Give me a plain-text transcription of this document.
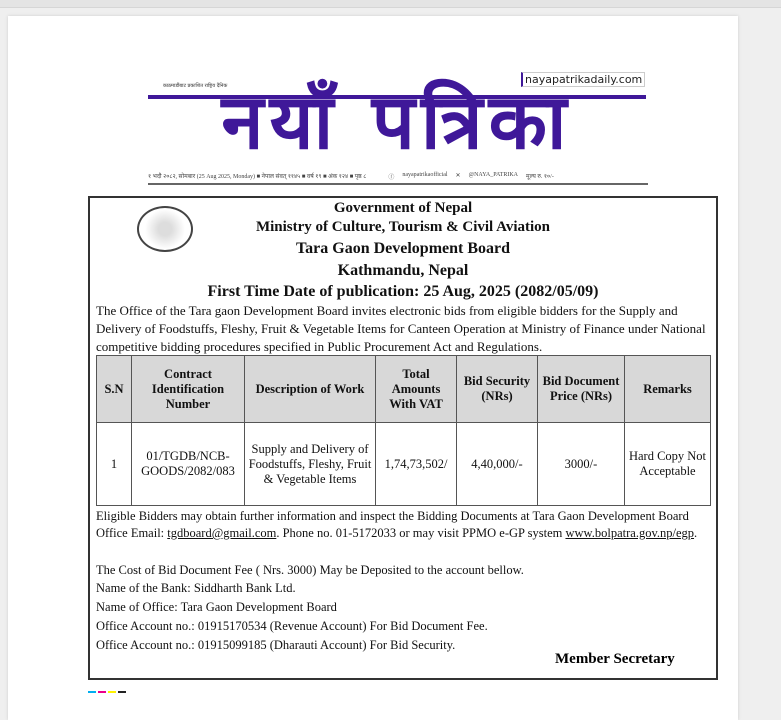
काठमाडौंबाट प्रकाशित राष्ट्रिय दैनिक	nayapatrikadaily.com
नयाँ पत्रिका
१ भदौ २०८२, सोमबार (25 Aug 2025, Monday) ■ नेपाल संवत् ११४५ ■ वर्ष १९ ■ अंक १२४ ■ पृष्ठ ८	ⓕ nayapatrikaofficial ✕ @NAYA_PATRIKA मूल्य रु. १०/-
Government of Nepal
Ministry of Culture, Tourism & Civil Aviation
Tara Gaon Development Board
Kathmandu, Nepal
First Time Date of publication: 25 Aug, 2025 (2082/05/09)
The Office of the Tara gaon Development Board invites electronic bids from eligible bidders for the Supply and Delivery of Foodstuffs, Fleshy, Fruit & Vegetable Items for Canteen Operation at Ministry of Finance under National competitive bidding procedures specified in Public Procurement Act and Regulations.
S.N	Contract Identification Number	Description of Work	Total Amounts With VAT	Bid Security (NRs)	Bid Document Price (NRs)	Remarks
1	01/TGDB/NCB-GOODS/2082/083	Supply and Delivery of Foodstuffs, Fleshy, Fruit & Vegetable Items	1,74,73,502/	4,40,000/-	3000/-	Hard Copy Not Acceptable
Eligible Bidders may obtain further information and inspect the Bidding Documents at Tara Gaon Development Board Office Email: tgdboard@gmail.com. Phone no. 01-5172033 or may visit PPMO e-GP system www.bolpatra.gov.np/egp.
The Cost of Bid Document Fee ( Nrs. 3000) May be Deposited to the account bellow.
Name of the Bank: Siddharth Bank Ltd.
Name of Office: Tara Gaon Development Board
Office Account no.: 01915170534 (Revenue Account) For Bid Document Fee.
Office Account no.: 01915099185 (Dharauti Account) For Bid Security.
Member Secretary
